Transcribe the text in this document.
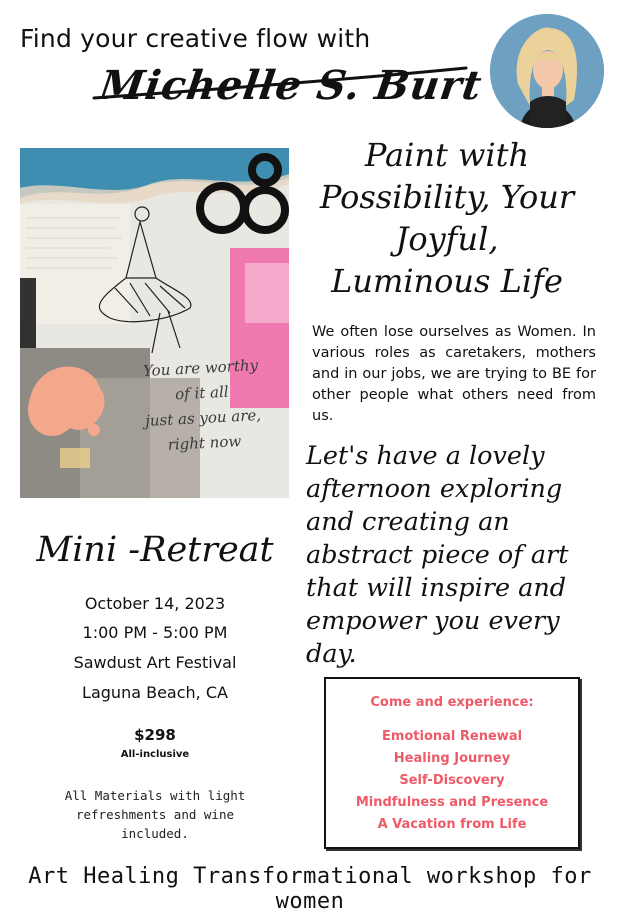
Find your creative flow with
Michelle S. Burt
You are worthy
of it all
just as you are,
right now
Paint with Possibility, Your Joyful, Luminous Life
We often lose ourselves as Women. In various roles as caretakers, mothers and in our jobs, we are trying to BE for other people what others need from us.
Let's have a lovely afternoon exploring and creating an abstract piece of art that will inspire and empower you every day.
Mini -Retreat
October 14, 2023
1:00 PM - 5:00 PM
Sawdust Art Festival
Laguna Beach, CA
$298
All-inclusive
All Materials with light refreshments and wine included.
Come and experience:
Emotional Renewal
Healing Journey
Self-Discovery
Mindfulness and Presence
A Vacation from Life
Art Healing Transformational workshop for women
